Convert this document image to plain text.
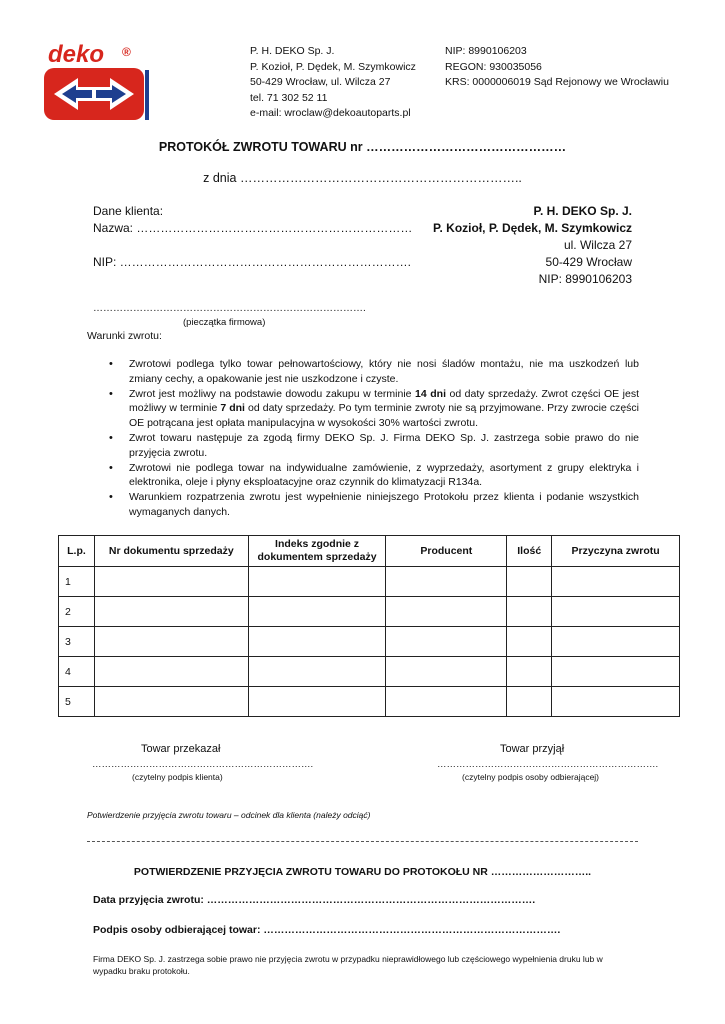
deko ®	P. H. DEKO Sp. J.
P. Kozioł, P. Dędek, M. Szymkowicz
50-429 Wrocław, ul. Wilcza 27
tel. 71 302 52 11
e-mail: wroclaw@dekoautoparts.pl
NIP: 8990106203
REGON: 930035056
KRS: 0000006019 Sąd Rejonowy we Wrocławiu
PROTOKÓŁ ZWROTU TOWARU nr …………………………………………
z dnia …………………………………………………………..
Dane klienta:
Nazwa: ……………………………………………………………

NIP: ……………………………………………………………….
P. H. DEKO Sp. J.
P. Kozioł, P. Dędek, M. Szymkowicz
ul. Wilcza 27
50-429 Wrocław
NIP: 8990106203
……………………………………………………………………….
(pieczątka firmowa)
Warunki zwrotu:
• Zwrotowi podlega tylko towar pełnowartościowy, który nie nosi śladów montażu, nie ma uszkodzeń lub zmiany cechy, a opakowanie jest nie uszkodzone i czyste.
• Zwrot jest możliwy na podstawie dowodu zakupu w terminie 14 dni od daty sprzedaży. Zwrot części OE jest możliwy w terminie 7 dni od daty sprzedaży. Po tym terminie zwroty nie są przyjmowane. Przy zwrocie części OE potrącana jest opłata manipulacyjna w wysokości 30% wartości zwrotu.
• Zwrot towaru następuje za zgodą firmy DEKO Sp. J. Firma DEKO Sp. J. zastrzega sobie prawo do nie przyjęcia zwrotu.
• Zwrotowi nie podlega towar na indywidualne zamówienie, z wyprzedaży, asortyment z grupy elektryka i elektronika, oleje i płyny eksploatacyjne oraz czynnik do klimatyzacji R134a.
• Warunkiem rozpatrzenia zwrotu jest wypełnienie niniejszego Protokołu przez klienta i podanie wszystkich wymaganych danych.
L.p.	Nr dokumentu sprzedaży	Indeks zgodnie z
dokumentem sprzedaży	Producent	Ilość	Przyczyna zwrotu
1					
2					
3					
4					
5					
Towar przekazał
…………………………………………………………….
(czytelny podpis klienta)
Towar przyjął
…………………………………………………………….
(czytelny podpis osoby odbierającej)
Potwierdzenie przyjęcia zwrotu towaru – odcinek dla klienta (należy odciąć)
POTWIERDZENIE PRZYJĘCIA ZWROTU TOWARU DO PROTOKOŁU NR ………………………..
Data przyjęcia zwrotu: ………………………………………………………………………………….
Podpis osoby odbierającej towar: ………………………………………………………………………….
Firma DEKO Sp. J. zastrzega sobie prawo nie przyjęcia zwrotu w przypadku nieprawidłowego lub częściowego wypełnienia druku lub w wypadku braku protokołu.
